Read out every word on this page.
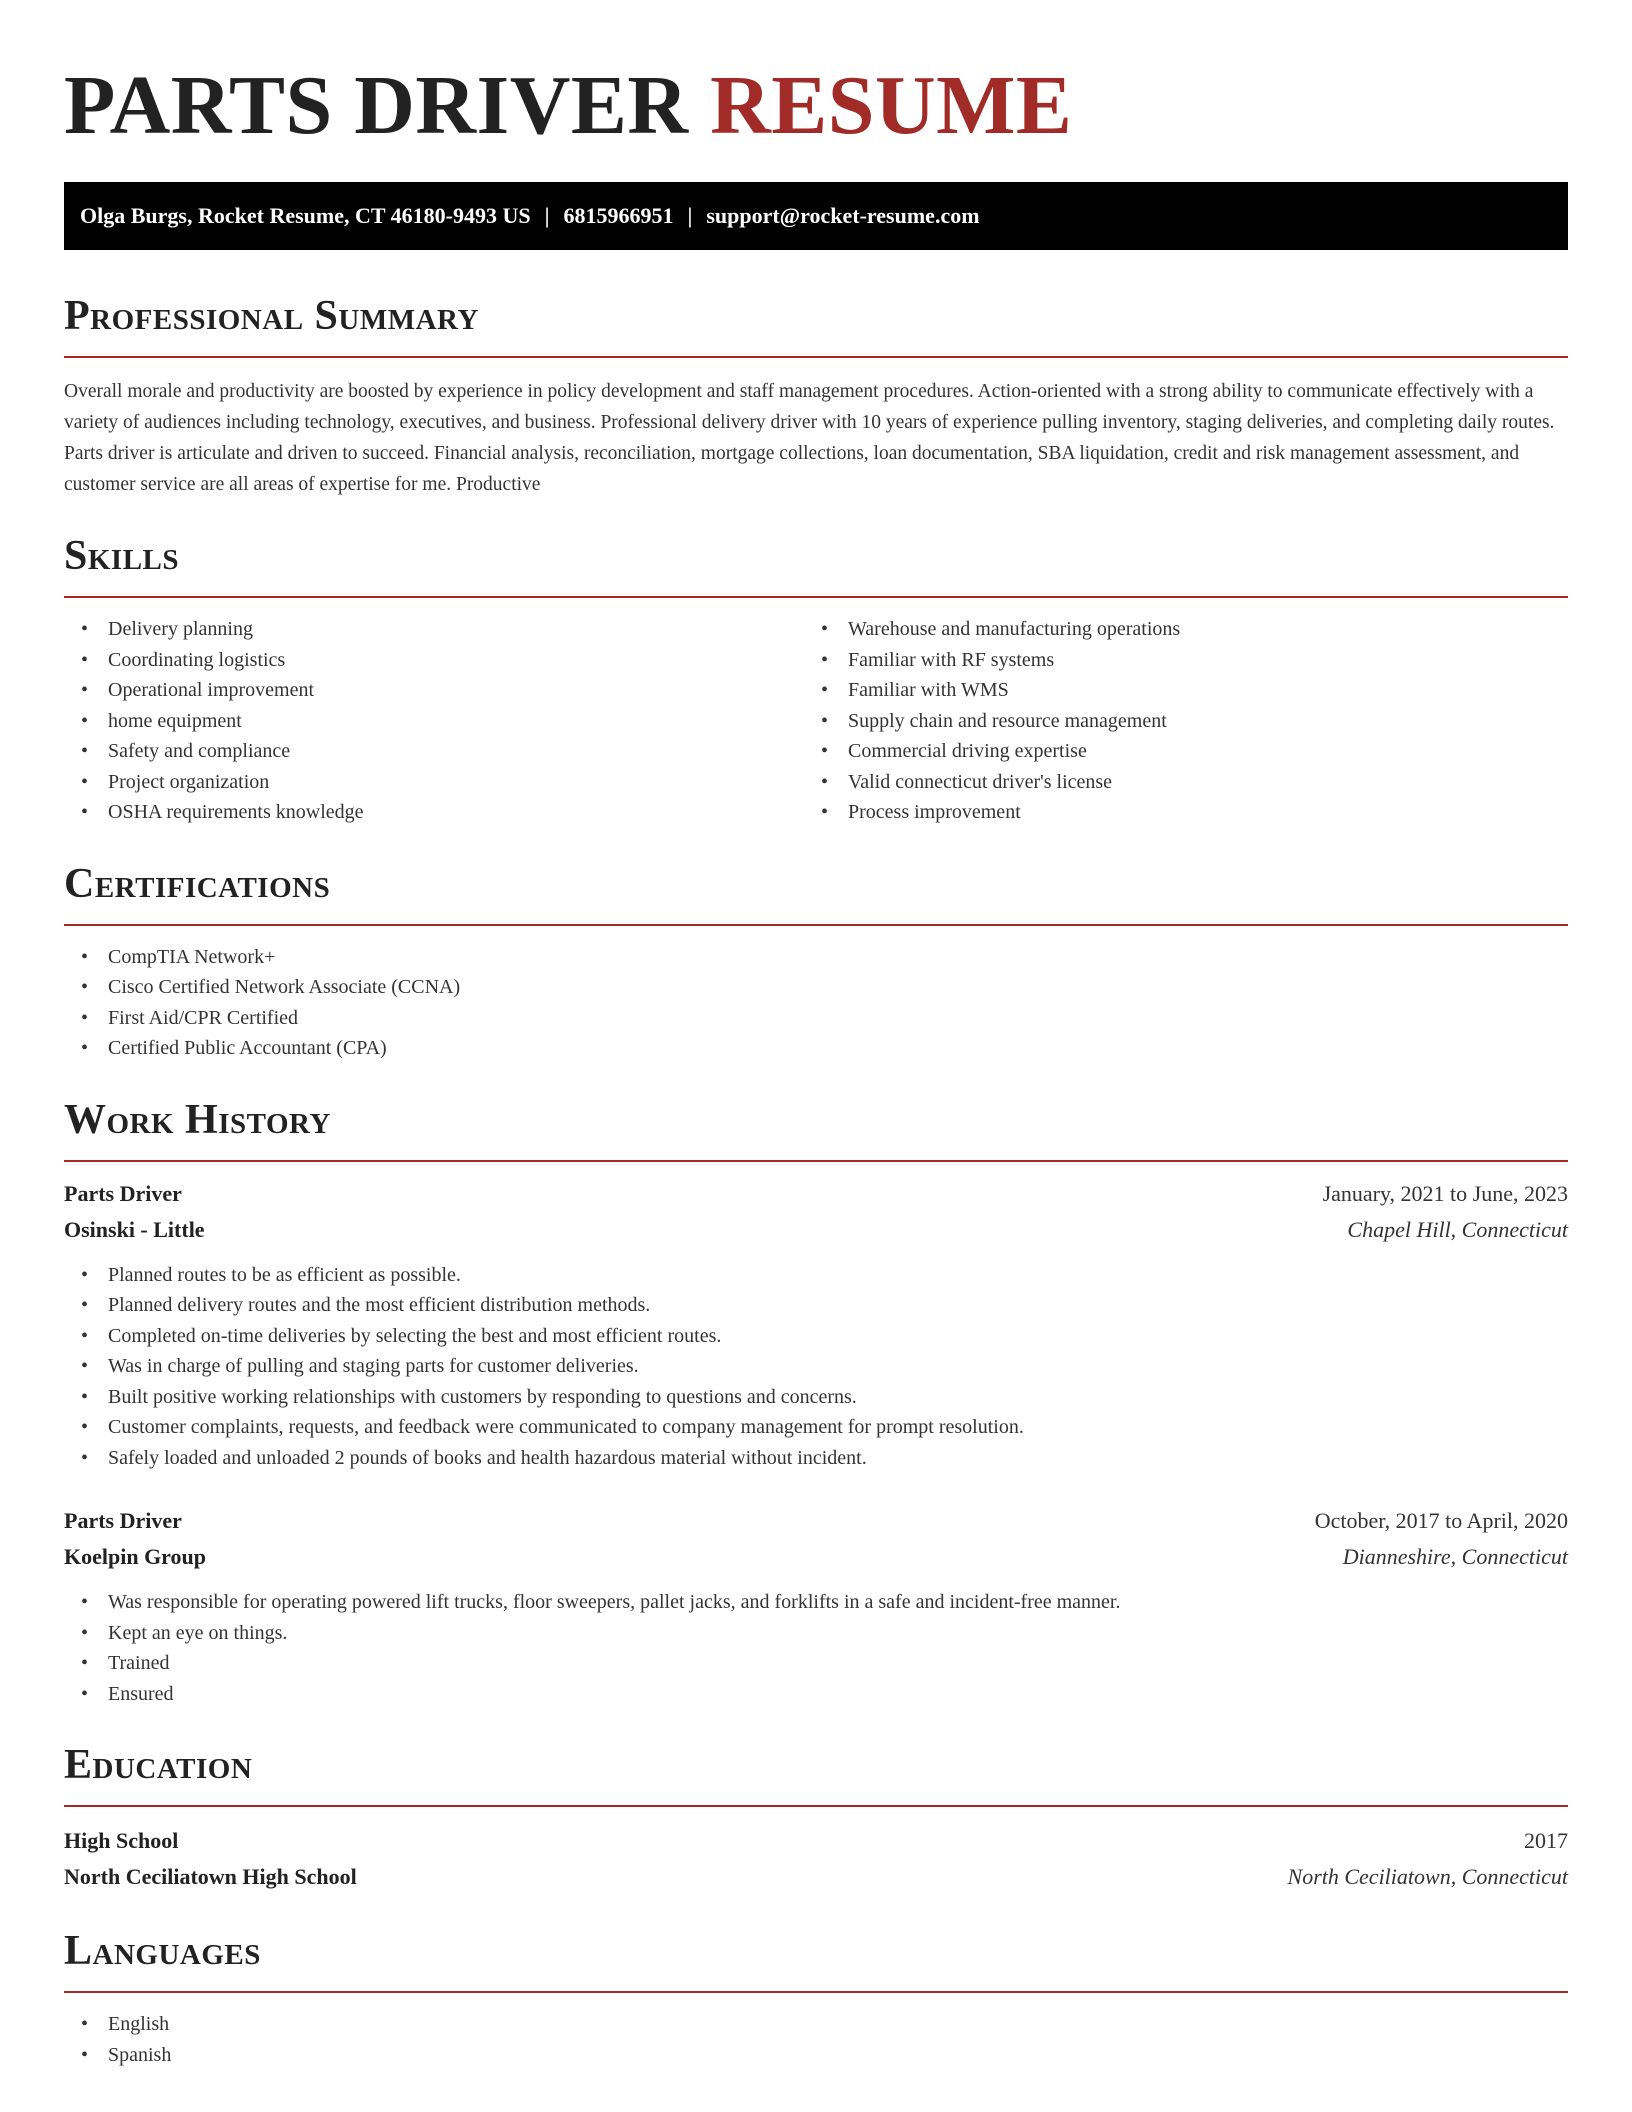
PARTS DRIVER RESUME
Olga Burgs, Rocket Resume, CT 46180-9493 US | 6815966951 | support@rocket-resume.com
Professional Summary

Overall morale and productivity are boosted by experience in policy development and staff management procedures. Action-oriented with a strong ability to communicate effectively with a variety of audiences including technology, executives, and business. Professional delivery driver with 10 years of experience pulling inventory, staging deliveries, and completing daily routes. Parts driver is articulate and driven to succeed. Financial analysis, reconciliation, mortgage collections, loan documentation, SBA liquidation, credit and risk management assessment, and customer service are all areas of expertise for me. Productive

Skills
• Delivery planning
• Coordinating logistics
• Operational improvement
• home equipment
• Safety and compliance
• Project organization
• OSHA requirements knowledge
• Warehouse and manufacturing operations
• Familiar with RF systems
• Familiar with WMS
• Supply chain and resource management
• Commercial driving expertise
• Valid connecticut driver's license
• Process improvement
Certifications
• CompTIA Network+
• Cisco Certified Network Associate (CCNA)
• First Aid/CPR Certified
• Certified Public Accountant (CPA)
Work History
Parts Driver	January, 2021 to June, 2023
Osinski - Little	Chapel Hill, Connecticut
• Planned routes to be as efficient as possible.
• Planned delivery routes and the most efficient distribution methods.
• Completed on-time deliveries by selecting the best and most efficient routes.
• Was in charge of pulling and staging parts for customer deliveries.
• Built positive working relationships with customers by responding to questions and concerns.
• Customer complaints, requests, and feedback were communicated to company management for prompt resolution.
• Safely loaded and unloaded 2 pounds of books and health hazardous material without incident.
Parts Driver	October, 2017 to April, 2020
Koelpin Group	Dianneshire, Connecticut
• Was responsible for operating powered lift trucks, floor sweepers, pallet jacks, and forklifts in a safe and incident-free manner.
• Kept an eye on things.
• Trained
• Ensured
Education
High School	2017
North Ceciliatown High School	North Ceciliatown, Connecticut
Languages
• English
• Spanish
